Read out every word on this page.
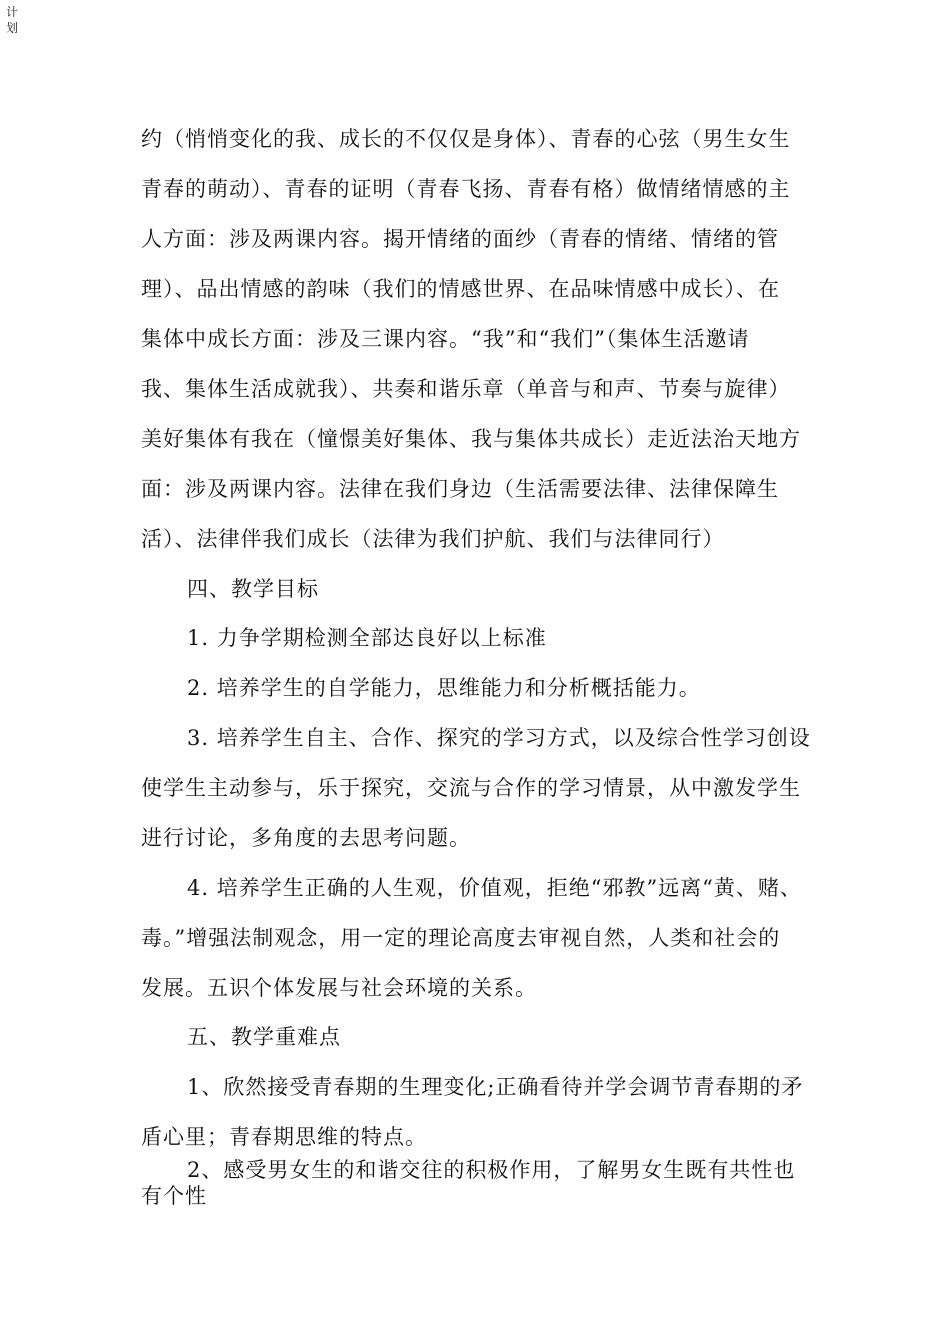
计
划
约（悄悄变化的我、成长的不仅仅是身体）、青春的心弦（男生女生
青春的萌动）、青春的证明（青春飞扬、青春有格）做情绪情感的主
人方面：涉及两课内容。揭开情绪的面纱（青春的情绪、情绪的管
理）、品出情感的韵味（我们的情感世界、在品味情感中成长）、在
集体中成长方面：涉及三课内容。“我”和“我们”（集体生活邀请
我、集体生活成就我）、共奏和谐乐章（单音与和声、节奏与旋律）
美好集体有我在（憧憬美好集体、我与集体共成长）走近法治天地方
面：涉及两课内容。法律在我们身边（生活需要法律、法律保障生
活）、法律伴我们成长（法律为我们护航、我们与法律同行）
四、教学目标
1. 力争学期检测全部达良好以上标准
2. 培养学生的自学能力，思维能力和分析概括能力。
3. 培养学生自主、合作、探究的学习方式，以及综合性学习创设
使学生主动参与，乐于探究，交流与合作的学习情景，从中激发学生
进行讨论，多角度的去思考问题。
4. 培养学生正确的人生观，价值观，拒绝“邪教”远离“黄、赌、
毒。”增强法制观念，用一定的理论高度去审视自然，人类和社会的
发展。五识个体发展与社会环境的关系。
五、教学重难点
1、欣然接受青春期的生理变化;正确看待并学会调节青春期的矛
盾心里；青春期思维的特点。
2、感受男女生的和谐交往的积极作用，了解男女生既有共性也
有个性
